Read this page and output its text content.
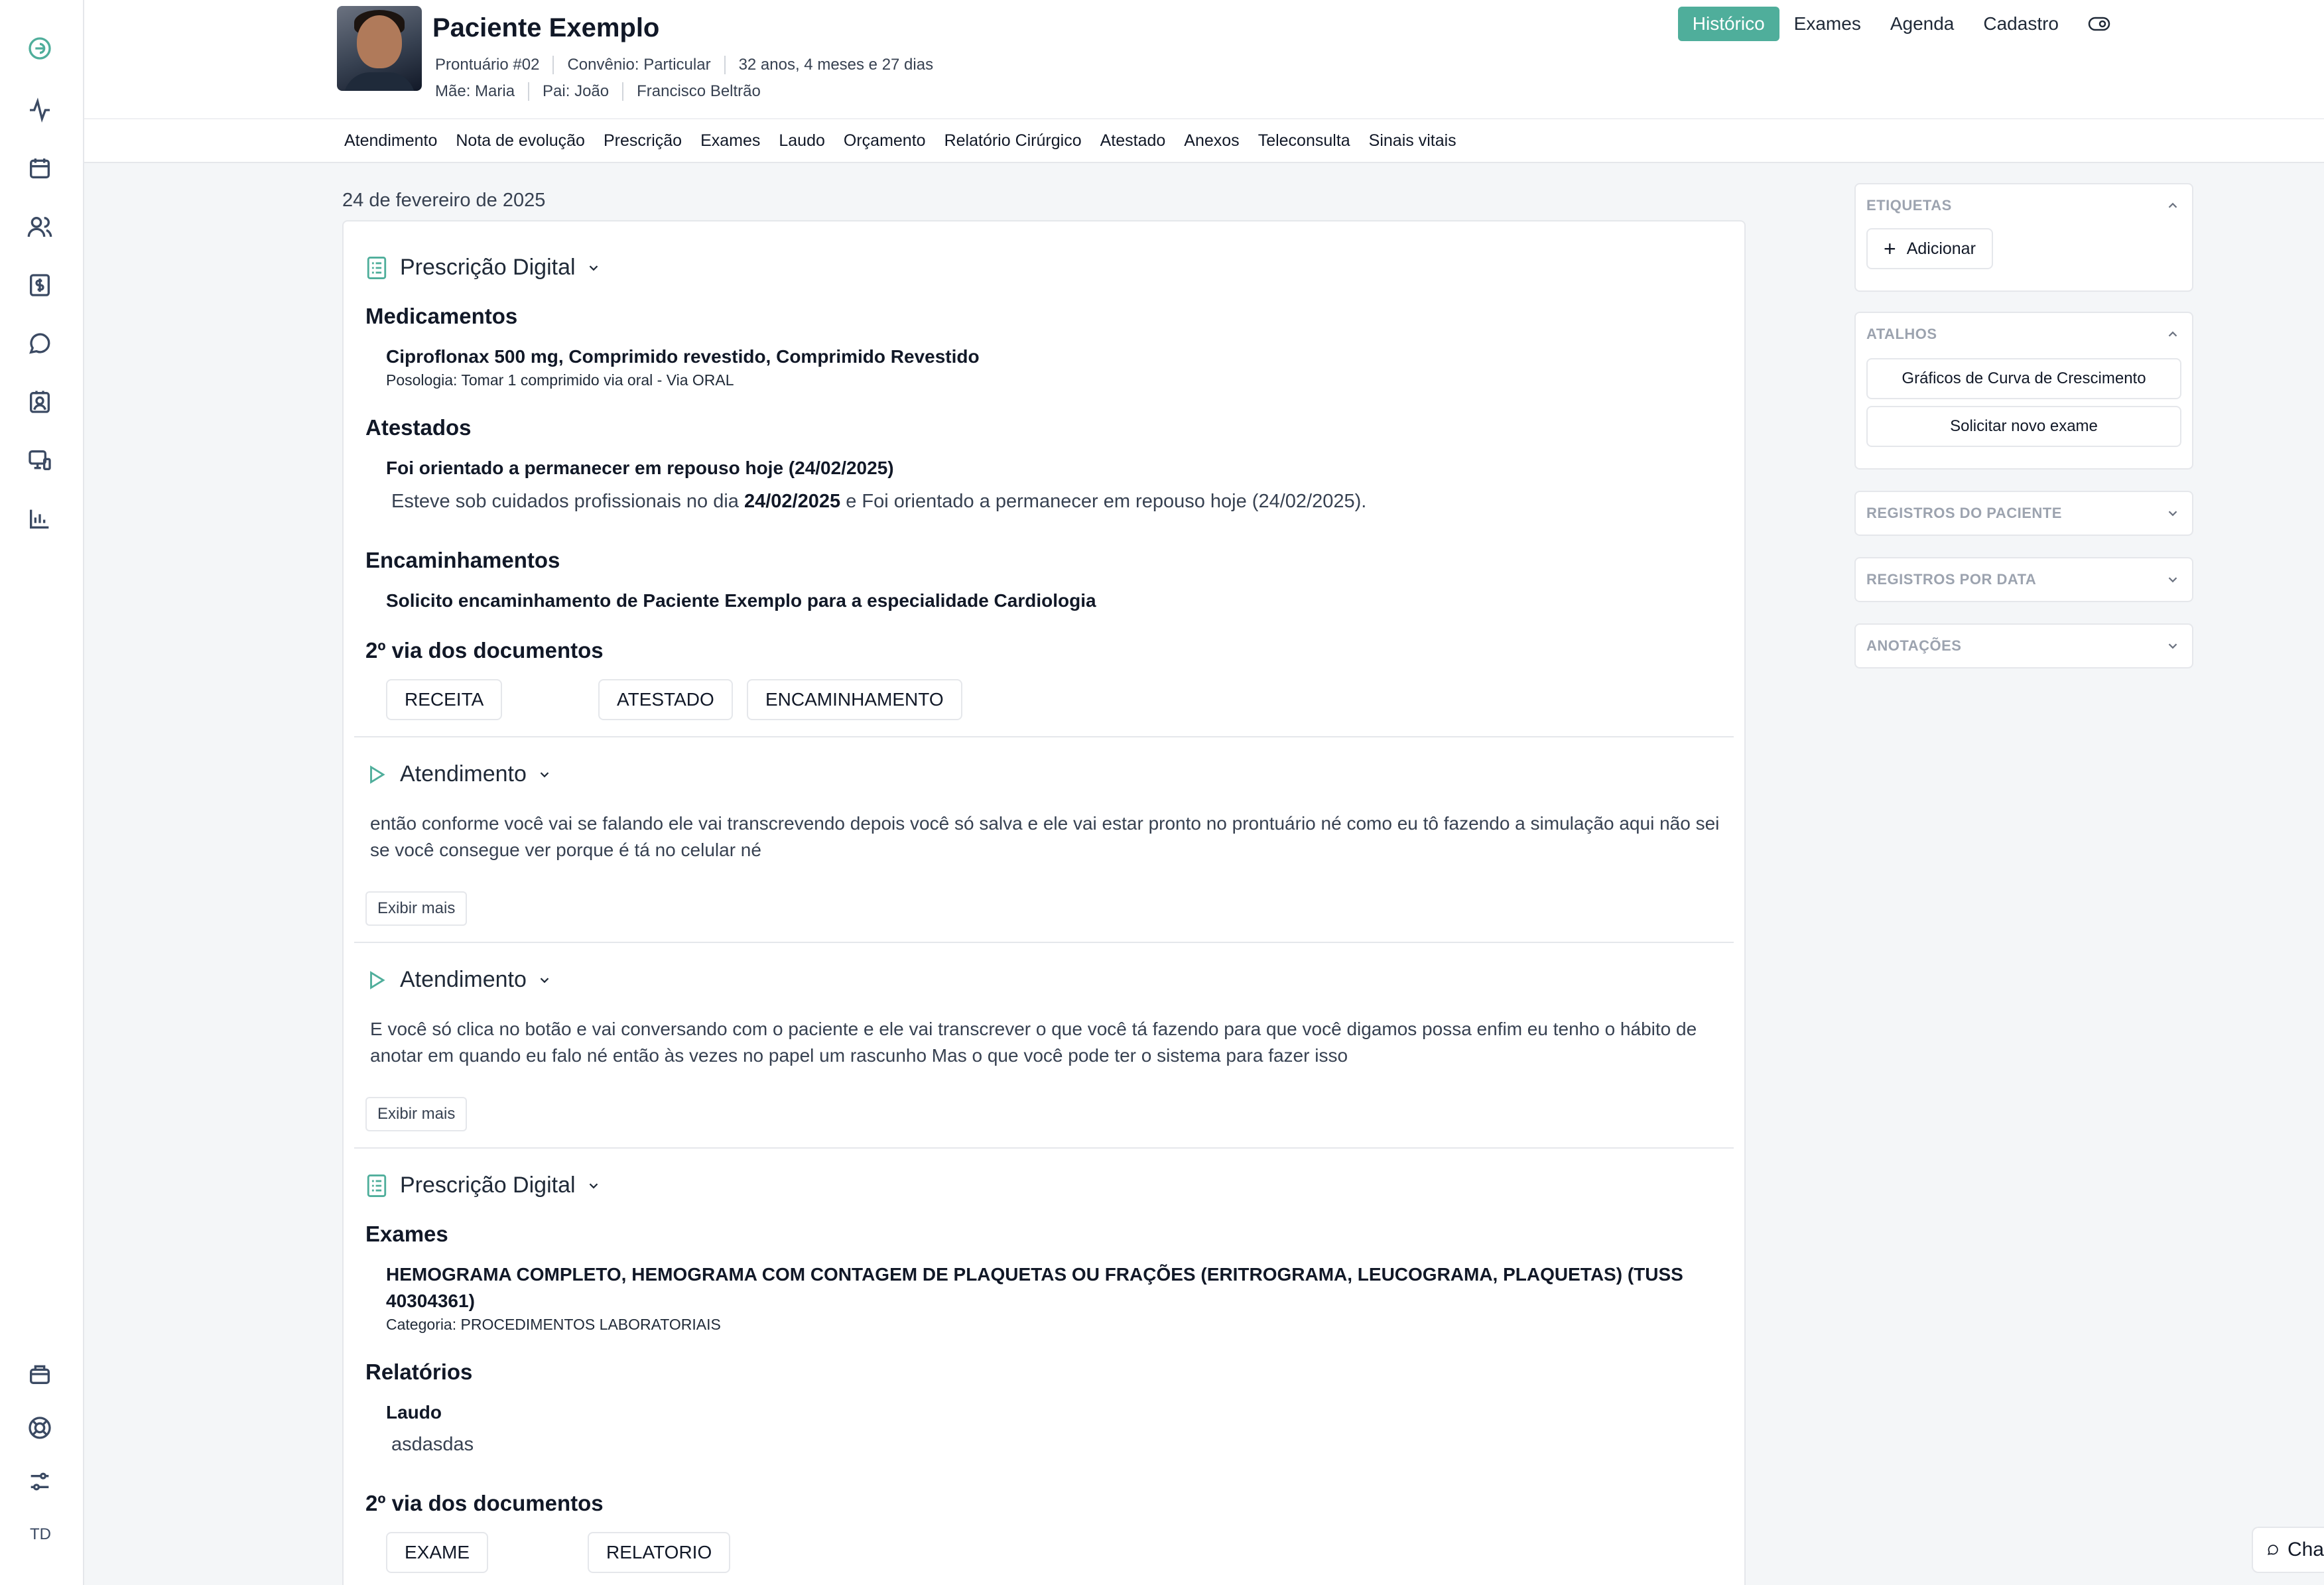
TD
Paciente Exemplo
Prontuário #02 Convênio: Particular 32 anos, 4 meses e 27 dias
Mãe: Maria Pai: João Francisco Beltrão
Histórico	Exames	Agenda	Cadastro
Atendimento Nota de evolução Prescrição Exames Laudo Orçamento Relatório Cirúrgico Atestado Anexos Teleconsulta Sinais vitais
24 de fevereiro de 2025
Prescrição Digital
Medicamentos
Ciproflonax 500 mg, Comprimido revestido, Comprimido Revestido
Posologia: Tomar 1 comprimido via oral - Via ORAL
Atestados
Foi orientado a permanecer em repouso hoje (24/02/2025)
Esteve sob cuidados profissionais no dia 24/02/2025 e Foi orientado a permanecer em repouso hoje (24/02/2025).
Encaminhamentos
Solicito encaminhamento de Paciente Exemplo para a especialidade Cardiologia
2º via dos documentos
RECEITA	ATESTADO	ENCAMINHAMENTO
Atendimento
então conforme você vai se falando ele vai transcrevendo depois você só salva e ele vai estar pronto no prontuário né como eu tô fazendo a simulação aqui não sei se você consegue ver porque é tá no celular né
Exibir mais
Atendimento
E você só clica no botão e vai conversando com o paciente e ele vai transcrever o que você tá fazendo para que você digamos possa enfim eu tenho o hábito de anotar em quando eu falo né então às vezes no papel um rascunho Mas o que você pode ter o sistema para fazer isso
Exibir mais
Prescrição Digital
Exames
HEMOGRAMA COMPLETO, HEMOGRAMA COM CONTAGEM DE PLAQUETAS OU FRAÇÕES (ERITROGRAMA, LEUCOGRAMA, PLAQUETAS) (TUSS 40304361)
Categoria: PROCEDIMENTOS LABORATORIAIS
Relatórios
Laudo
asdasdas
2º via dos documentos
EXAME	RELATORIO
ETIQUETAS
+ Adicionar
ATALHOS
Gráficos de Curva de Crescimento
Solicitar novo exame
REGISTROS DO PACIENTE
REGISTROS POR DATA
ANOTAÇÕES
Cha
